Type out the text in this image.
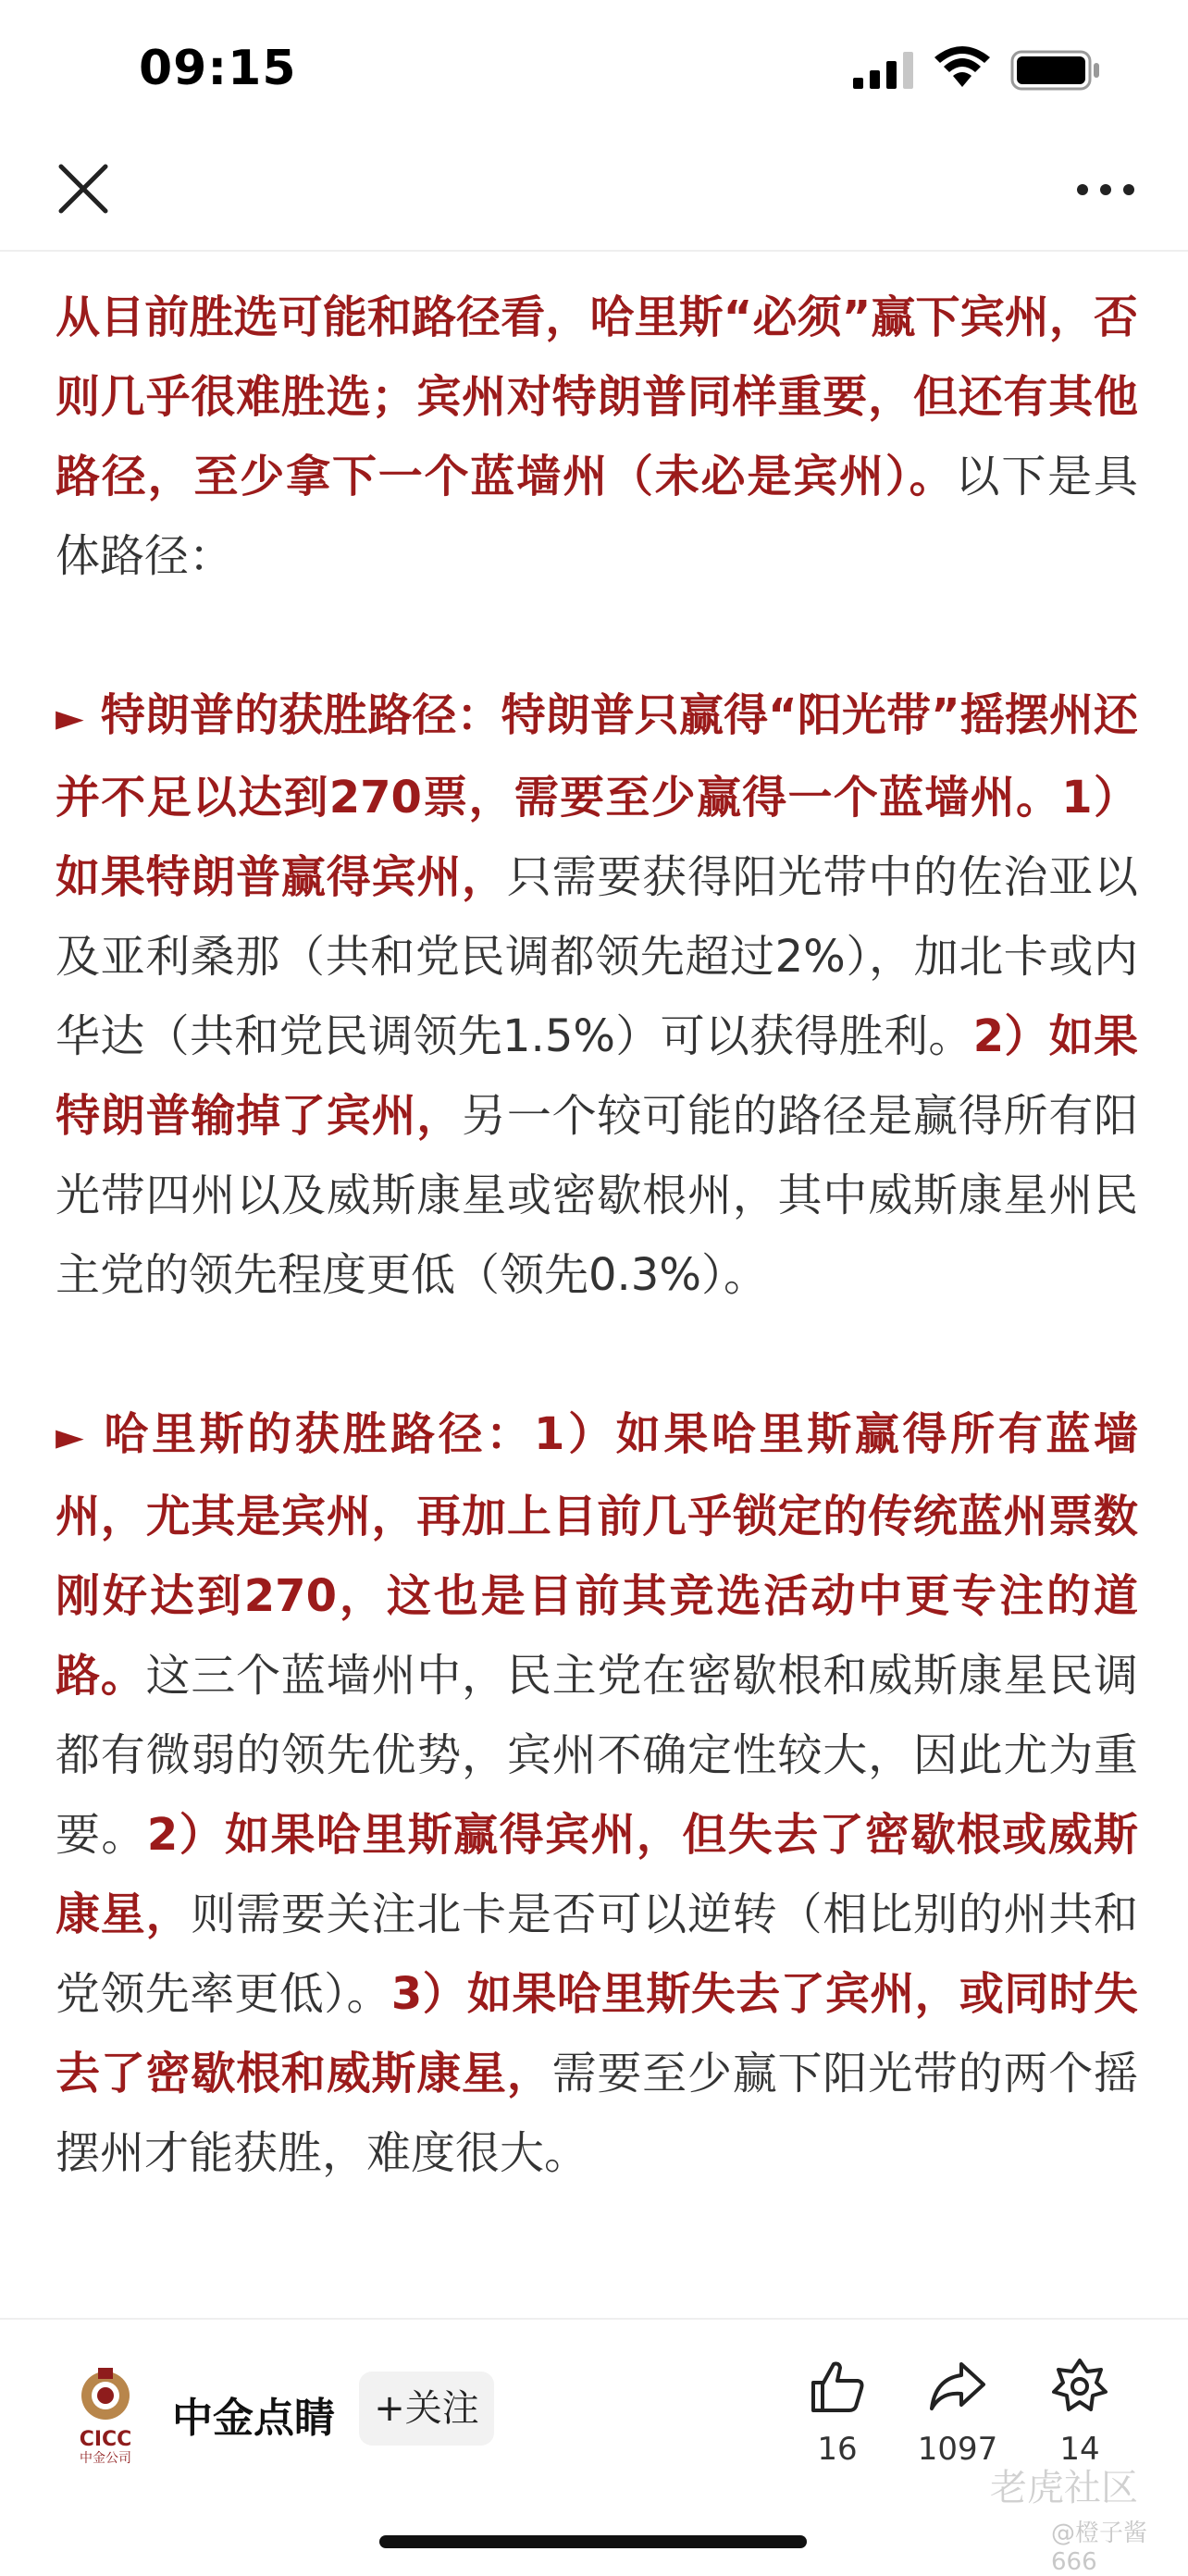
09:15

从目前胜选可能和路径看，哈里斯“必须”赢下宾州，否则几乎很难胜选；宾州对特朗普同样重要，但还有其他路径，至少拿下一个蓝墙州（未必是宾州）。以下是具体路径：

► 特朗普的获胜路径：特朗普只赢得“阳光带”摇摆州还并不足以达到270票，需要至少赢得一个蓝墙州。1）如果特朗普赢得宾州，只需要获得阳光带中的佐治亚以及亚利桑那（共和党民调都领先超过2%），加北卡或内华达（共和党民调领先1.5%）可以获得胜利。2）如果特朗普输掉了宾州，另一个较可能的路径是赢得所有阳光带四州以及威斯康星或密歇根州，其中威斯康星州民主党的领先程度更低（领先0.3%）。

► 哈里斯的获胜路径：1）如果哈里斯赢得所有蓝墙州，尤其是宾州，再加上目前几乎锁定的传统蓝州票数刚好达到270，这也是目前其竞选活动中更专注的道路。这三个蓝墙州中，民主党在密歇根和威斯康星民调都有微弱的领先优势，宾州不确定性较大，因此尤为重要。2）如果哈里斯赢得宾州，但失去了密歇根或威斯康星，则需要关注北卡是否可以逆转（相比别的州共和党领先率更低）。3）如果哈里斯失去了宾州，或同时失去了密歇根和威斯康星，需要至少赢下阳光带的两个摇摆州才能获胜，难度很大。

CICC
中金公司
中金点睛	+关注
16	1097	14
老虎社区
@橙子酱666
